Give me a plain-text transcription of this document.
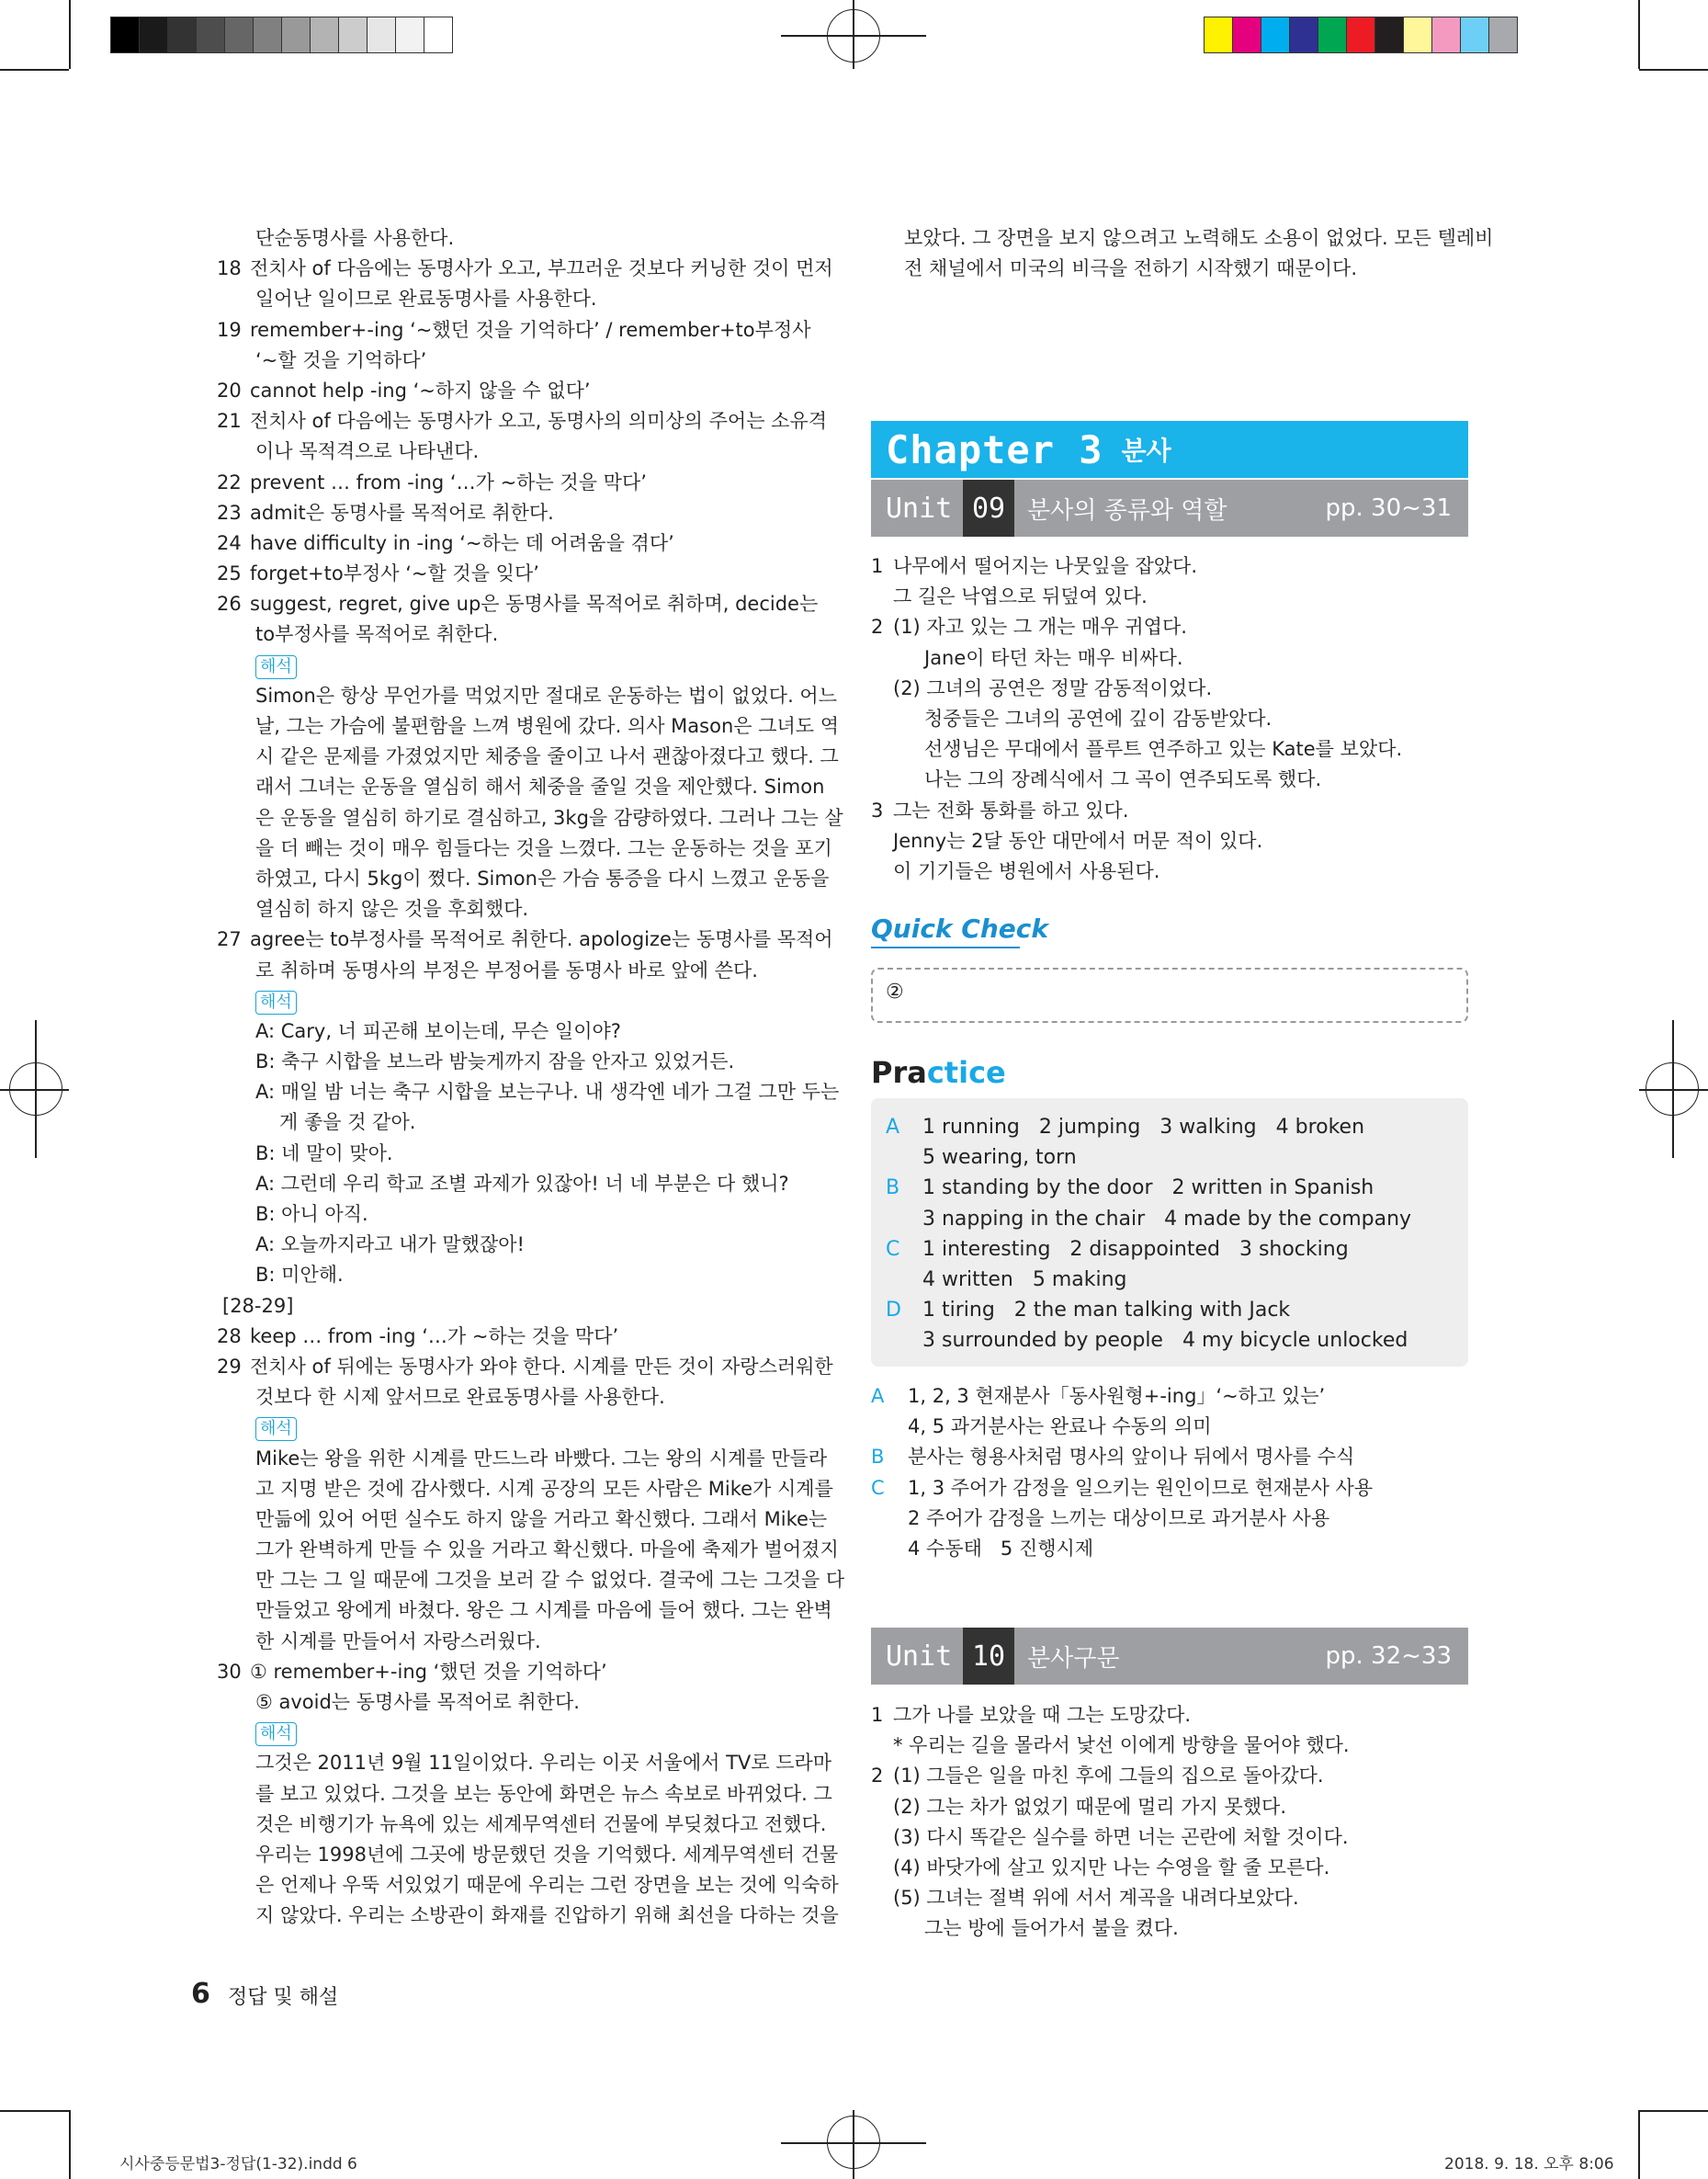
단순동명사를 사용한다.
18 전치사 of 다음에는 동명사가 오고, 부끄러운 것보다 커닝한 것이 먼저
일어난 일이므로 완료동명사를 사용한다.
19 remember+-ing ‘~했던 것을 기억하다’ / remember+to부정사
‘~할 것을 기억하다’
20 cannot help -ing ‘~하지 않을 수 없다’
21 전치사 of 다음에는 동명사가 오고, 동명사의 의미상의 주어는 소유격
이나 목적격으로 나타낸다.
22 prevent … from -ing ‘…가 ~하는 것을 막다’
23 admit은 동명사를 목적어로 취한다.
24 have difficulty in -ing ‘~하는 데 어려움을 겪다’
25 forget+to부정사 ‘~할 것을 잊다’
26 suggest, regret, give up은 동명사를 목적어로 취하며, decide는
to부정사를 목적어로 취한다.
해석
Simon은 항상 무언가를 먹었지만 절대로 운동하는 법이 없었다. 어느
날, 그는 가슴에 불편함을 느껴 병원에 갔다. 의사 Mason은 그녀도 역
시 같은 문제를 가졌었지만 체중을 줄이고 나서 괜찮아졌다고 했다. 그
래서 그녀는 운동을 열심히 해서 체중을 줄일 것을 제안했다. Simon
은 운동을 열심히 하기로 결심하고, 3kg을 감량하였다. 그러나 그는 살
을 더 빼는 것이 매우 힘들다는 것을 느꼈다. 그는 운동하는 것을 포기
하였고, 다시 5kg이 쪘다. Simon은 가슴 통증을 다시 느꼈고 운동을
열심히 하지 않은 것을 후회했다.
27 agree는 to부정사를 목적어로 취한다. apologize는 동명사를 목적어
로 취하며 동명사의 부정은 부정어를 동명사 바로 앞에 쓴다.
해석
A: Cary, 너 피곤해 보이는데, 무슨 일이야?
B: 축구 시합을 보느라 밤늦게까지 잠을 안자고 있었거든.
A: 매일 밤 너는 축구 시합을 보는구나. 내 생각엔 네가 그걸 그만 두는
게 좋을 것 같아.
B: 네 말이 맞아.
A: 그런데 우리 학교 조별 과제가 있잖아! 너 네 부분은 다 했니?
B: 아니 아직.
A: 오늘까지라고 내가 말했잖아!
B: 미안해.
[28-29]
28 keep … from -ing ‘…가 ~하는 것을 막다’
29 전치사 of 뒤에는 동명사가 와야 한다. 시계를 만든 것이 자랑스러워한
것보다 한 시제 앞서므로 완료동명사를 사용한다.
해석
Mike는 왕을 위한 시계를 만드느라 바빴다. 그는 왕의 시계를 만들라
고 지명 받은 것에 감사했다. 시계 공장의 모든 사람은 Mike가 시계를
만듦에 있어 어떤 실수도 하지 않을 거라고 확신했다. 그래서 Mike는
그가 완벽하게 만들 수 있을 거라고 확신했다. 마을에 축제가 벌어졌지
만 그는 그 일 때문에 그것을 보러 갈 수 없었다. 결국에 그는 그것을 다
만들었고 왕에게 바쳤다. 왕은 그 시계를 마음에 들어 했다. 그는 완벽
한 시계를 만들어서 자랑스러웠다.
30 ① remember+-ing ‘했던 것을 기억하다’
⑤ avoid는 동명사를 목적어로 취한다.
해석
그것은 2011년 9월 11일이었다. 우리는 이곳 서울에서 TV로 드라마
를 보고 있었다. 그것을 보는 동안에 화면은 뉴스 속보로 바뀌었다. 그
것은 비행기가 뉴욕에 있는 세계무역센터 건물에 부딪쳤다고 전했다.
우리는 1998년에 그곳에 방문했던 것을 기억했다. 세계무역센터 건물
은 언제나 우뚝 서있었기 때문에 우리는 그런 장면을 보는 것에 익숙하
지 않았다. 우리는 소방관이 화재를 진압하기 위해 최선을 다하는 것을
보았다. 그 장면을 보지 않으려고 노력해도 소용이 없었다. 모든 텔레비
전 채널에서 미국의 비극을 전하기 시작했기 때문이다.
Chapter 3 분사
Unit 09 분사의 종류와 역할	pp. 30~31
1 나무에서 떨어지는 나뭇잎을 잡았다.
그 길은 낙엽으로 뒤덮여 있다.
2 (1) 자고 있는 그 개는 매우 귀엽다.
Jane이 타던 차는 매우 비싸다.
(2) 그녀의 공연은 정말 감동적이었다.
청중들은 그녀의 공연에 깊이 감동받았다.
선생님은 무대에서 플루트 연주하고 있는 Kate를 보았다.
나는 그의 장례식에서 그 곡이 연주되도록 했다.
3 그는 전화 통화를 하고 있다.
Jenny는 2달 동안 대만에서 머문 적이 있다.
이 기기들은 병원에서 사용된다.
Quick Check
②
Practice
A 1 running   2 jumping   3 walking   4 broken
5 wearing, torn
B 1 standing by the door   2 written in Spanish
3 napping in the chair   4 made by the company
C 1 interesting   2 disappointed   3 shocking
4 written   5 making
D 1 tiring   2 the man talking with Jack
3 surrounded by people   4 my bicycle unlocked
A 1, 2, 3 현재분사「동사원형+-ing」‘~하고 있는’
4, 5 과거분사는 완료나 수동의 의미
B 분사는 형용사처럼 명사의 앞이나 뒤에서 명사를 수식
C 1, 3 주어가 감정을 일으키는 원인이므로 현재분사 사용
2 주어가 감정을 느끼는 대상이므로 과거분사 사용
4 수동태   5 진행시제
Unit 10 분사구문	pp. 32~33
1 그가 나를 보았을 때 그는 도망갔다.
* 우리는 길을 몰라서 낯선 이에게 방향을 물어야 했다.
2 (1) 그들은 일을 마친 후에 그들의 집으로 돌아갔다.
(2) 그는 차가 없었기 때문에 멀리 가지 못했다.
(3) 다시 똑같은 실수를 하면 너는 곤란에 처할 것이다.
(4) 바닷가에 살고 있지만 나는 수영을 할 줄 모른다.
(5) 그녀는 절벽 위에 서서 계곡을 내려다보았다.
그는 방에 들어가서 불을 켰다.
6 정답 및 해설
시사중등문법3-정답(1-32).indd 6	2018. 9. 18. 오후 8:06
